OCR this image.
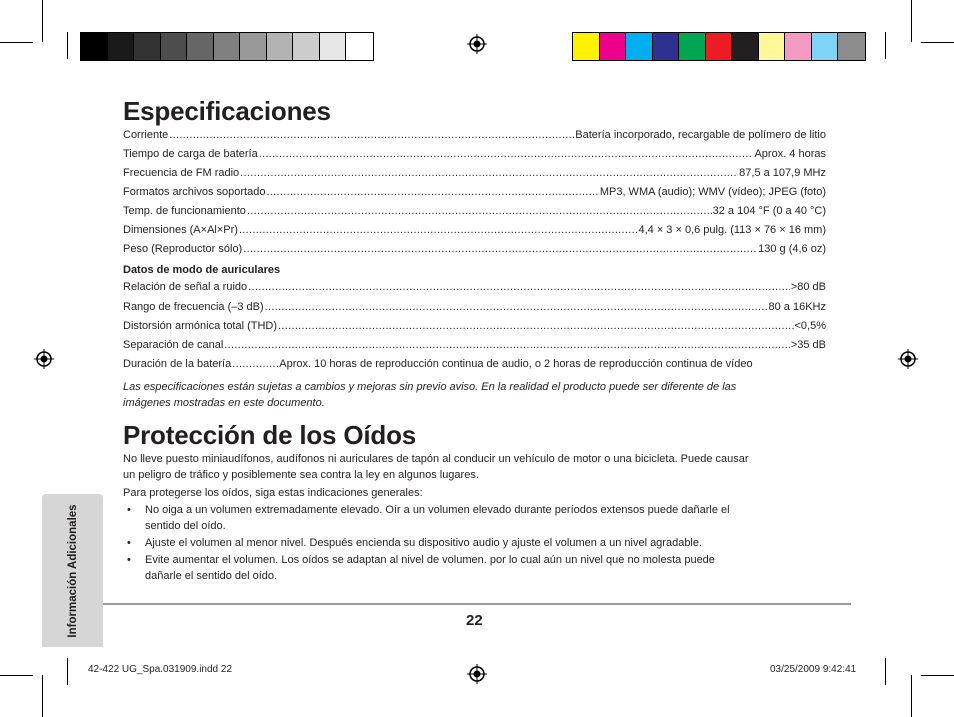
Especificaciones
Corriente .....	Batería incorporado, recargable de polímero de litio
Tiempo de carga de batería .....	Aprox. 4 horas
Frecuencia de FM radio .....	87,5 a 107,9 MHz
Formatos archivos soportado .....	MP3, WMA (audio); WMV (vídeo); JPEG (foto)
Temp. de funcionamiento .....	32 a 104 °F (0 a 40 °C)
Dimensiones (A×Al×Pr) .....	4,4 × 3 × 0,6 pulg. (113 × 76 × 16 mm)
Peso (Reproductor sólo) .....	130 g (4,6 oz)
Datos de modo de auriculares
Relación de señal a ruido .....	>80 dB
Rango de frecuencia (–3 dB) .....	80 a 16KHz
Distorsión armónica total (THD) .....	<0,5%
Separación de canal .....	>35 dB
Duración de la batería .....	Aprox. 10 horas de reproducción continua de audio, o 2 horas de reproducción continua de vídeo
Las especificaciones están sujetas a cambios y mejoras sin previo aviso. En la realidad el producto puede ser diferente de las
imágenes mostradas en este documento.
Protección de los Oídos
No lleve puesto miniaudífonos, audífonos ni auriculares de tapón al conducir un vehículo de motor o una bicicleta. Puede causar
un peligro de tráfico y posiblemente sea contra la ley en algunos lugares.
Para protegerse los oídos, siga estas indicaciones generales:
• No oiga a un volumen extremadamente elevado. Oír a un volumen elevado durante períodos extensos puede dañarle el
sentido del oído.
• Ajuste el volumen al menor nivel. Después encienda su dispositivo audio y ajuste el volumen a un nivel agradable.
• Evite aumentar el volumen. Los oídos se adaptan al nivel de volumen. por lo cual aún un nivel que no molesta puede
dañarle el sentido del oído.
Información Adicionales	22
42-422 UG_Spa.031909.indd 22	03/25/2009 9:42:41
